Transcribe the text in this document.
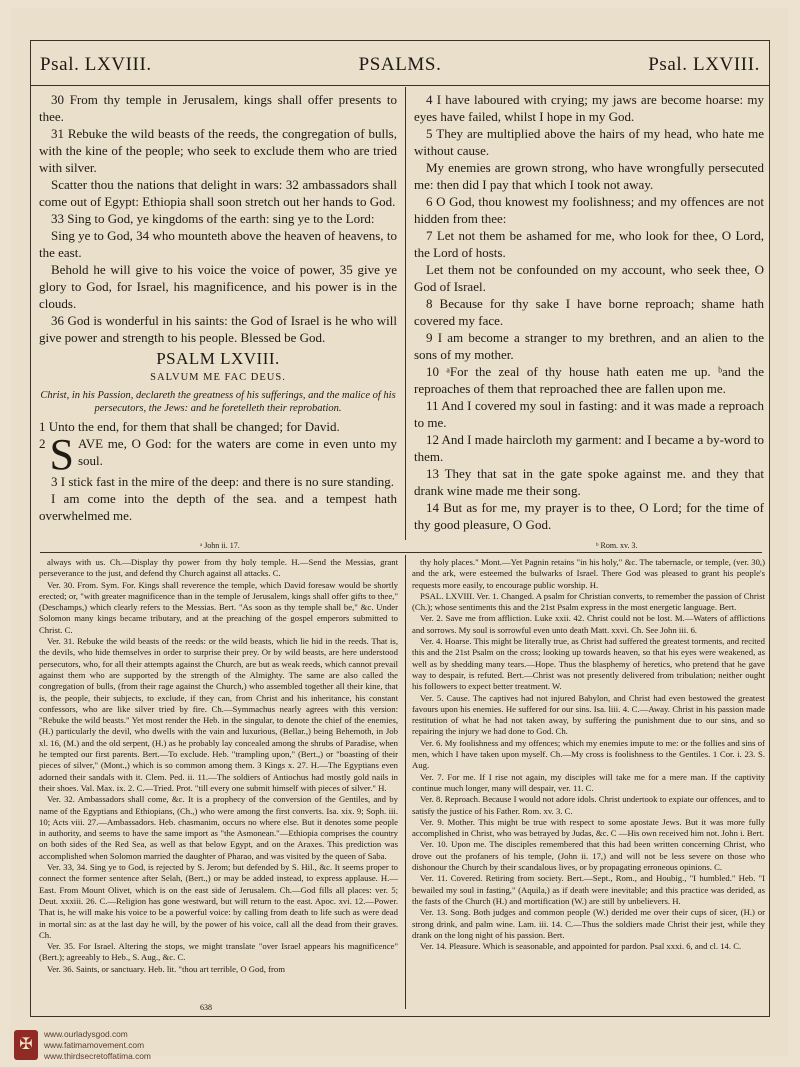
Psal. LXVIII.	PSALMS.	Psal. LXVIII.

30 From thy temple in Jerusalem, kings shall offer presents to thee.

31 Rebuke the wild beasts of the reeds, the congregation of bulls, with the kine of the people; who seek to exclude them who are tried with silver.

Scatter thou the nations that delight in wars: 32 ambassadors shall come out of Egypt: Ethiopia shall soon stretch out her hands to God.

33 Sing to God, ye kingdoms of the earth: sing ye to the Lord:

Sing ye to God, 34 who mounteth above the heaven of heavens, to the east.

Behold he will give to his voice the voice of power, 35 give ye glory to God, for Israel, his magnificence, and his power is in the clouds.

36 God is wonderful in his saints: the God of Israel is he who will give power and strength to his people. Blessed be God.

PSALM LXVIII.
SALVUM ME FAC DEUS.
Christ, in his Passion, declareth the greatness of his sufferings, and the malice of his persecutors, the Jews: and he foretelleth their reprobation.

1 Unto the end, for them that shall be changed; for David.

2 S AVE me, O God: for the waters are come in even unto my soul.

3 I stick fast in the mire of the deep: and there is no sure standing.

I am come into the depth of the sea. and a tempest hath overwhelmed me.

4 I have laboured with crying; my jaws are become hoarse: my eyes have failed, whilst I hope in my God.

5 They are multiplied above the hairs of my head, who hate me without cause.

My enemies are grown strong, who have wrongfully persecuted me: then did I pay that which I took not away.

6 O God, thou knowest my foolishness; and my offences are not hidden from thee:

7 Let not them be ashamed for me, who look for thee, O Lord, the Lord of hosts.

Let them not be confounded on my account, who seek thee, O God of Israel.

8 Because for thy sake I have borne reproach; shame hath covered my face.

9 I am become a stranger to my brethren, and an alien to the sons of my mother.

10 ᵃFor the zeal of thy house hath eaten me up. ᵇand the reproaches of them that reproached thee are fallen upon me.

11 And I covered my soul in fasting: and it was made a reproach to me.

12 And I made haircloth my garment: and I became a by-word to them.

13 They that sat in the gate spoke against me. and they that drank wine made me their song.

14 But as for me, my prayer is to thee, O Lord; for the time of thy good pleasure, O God.

ᵃ John ii. 17.	ᵇ Rom. xv. 3.

always with us. Ch.—Display thy power from thy holy temple. H.—Send the Messias, grant perseverance to the just, and defend thy Church against all attacks. C.

Ver. 30. From. Sym. For. Kings shall reverence the temple, which David foresaw would be shortly erected; or, "with greater magnificence than in the temple of Jerusalem, kings shall offer gifts to thee," (Deschamps,) which clearly refers to the Messias. Bert. "As soon as thy temple shall be," &c. Under Solomon many kings became tributary, and at the preaching of the gospel emperors submitted to Christ. C.

Ver. 31. Rebuke the wild beasts of the reeds: or the wild beasts, which lie hid in the reeds. That is, the devils, who hide themselves in order to surprise their prey. Or by wild beasts, are here understood persecutors, who, for all their attempts against the Church, are but as weak reeds, which cannot prevail against them who are supported by the strength of the Almighty. The same are also called the congregation of bulls, (from their rage against the Church,) who assembled together all their kine, that is, the people, their subjects, to exclude, if they can, from Christ and his inheritance, his constant confessors, who are like silver tried by fire. Ch.—Symmachus nearly agrees with this version: "Rebuke the wild beasts." Yet most render the Heb. in the singular, to denote the chief of the enemies, (H.) particularly the devil, who dwells with the vain and luxurious, (Bellar.,) being Behemoth, in Job xl. 16, (M.) and the old serpent, (H.) as he probably lay concealed among the shrubs of Paradise, when he tempted our first parents. Bert.—To exclude. Heb. "trampling upon," (Bert.,) or "boasting of their pieces of silver," (Mont.,) which is so common among them. 3 Kings x. 27. H.—The Egyptians even adorned their sandals with it. Clem. Ped. ii. 11.—The soldiers of Antiochus had mostly gold nails in their shoes. Val. Max. ix. 2. C.—Tried. Prot. "till every one submit himself with pieces of silver." H.

Ver. 32. Ambassadors shall come, &c. It is a prophecy of the conversion of the Gentiles, and by name of the Egyptians and Ethiopians, (Ch.,) who were among the first converts. Isa. xix. 9; Soph. iii. 10; Acts viii. 27.—Ambassadors. Heb. chasmanim, occurs no where else. But it denotes some people in authority, and seems to have the same import as "the Asmonean."—Ethiopia comprises the country on both sides of the Red Sea, as well as that below Egypt, and on the Araxes. This prediction was accomplished when Solomon married the daughter of Pharao, and was visited by the queen of Saba.

Ver. 33, 34. Sing ye to God, is rejected by S. Jerom; but defended by S. Hil., &c. It seems proper to connect the former sentence after Selah, (Bert.,) or may be added instead, to express applause. H.—East. From Mount Olivet, which is on the east side of Jerusalem. Ch.—God fills all places: ver. 5; Deut. xxxiii. 26. C.—Religion has gone westward, but will return to the east. Apoc. xvi. 12.—Power. That is, he will make his voice to be a powerful voice: by calling from death to life such as were dead in mortal sin: as at the last day he will, by the power of his voice, call all the dead from their graves. Ch.

Ver. 35. For Israel. Altering the stops, we might translate "over Israel appears his magnificence" (Bert.); agreeably to Heb., S. Aug., &c. C.

Ver. 36. Saints, or sanctuary. Heb. lit. "thou art terrible, O God, from

thy holy places." Mont.—Yet Pagnin retains "in his holy," &c. The tabernacle, or temple, (ver. 30,) and the ark, were esteemed the bulwarks of Israel. There God was pleased to grant his people's requests more easily, to encourage public worship. H.

PSAL. LXVIII. Ver. 1. Changed. A psalm for Christian converts, to remember the passion of Christ (Ch.); whose sentiments this and the 21st Psalm express in the most energetic language. Bert.

Ver. 2. Save me from affliction. Luke xxii. 42. Christ could not be lost. M.—Waters of afflictions and sorrows. My soul is sorrowful even unto death Matt. xxvi. Ch. See John iii. 6.

Ver. 4. Hoarse. This might be literally true, as Christ had suffered the greatest torments, and recited this and the 21st Psalm on the cross; looking up towards heaven, so that his eyes were weakened, as well as by shedding many tears.—Hope. Thus the blasphemy of heretics, who pretend that he gave way to despair, is refuted. Bert.—Christ was not presently delivered from tribulation; neither ought his followers to expect better treatment. W.

Ver. 5. Cause. The captives had not injured Babylon, and Christ had even bestowed the greatest favours upon his enemies. He suffered for our sins. Isa. liii. 4. C.—Away. Christ in his passion made restitution of what he had not taken away, by suffering the punishment due to our sins, and so repairing the injury we had done to God. Ch.

Ver. 6. My foolishness and my offences; which my enemies impute to me: or the follies and sins of men, which I have taken upon myself. Ch.—My cross is foolishness to the Gentiles. 1 Cor. i. 23. S. Aug.

Ver. 7. For me. If I rise not again, my disciples will take me for a mere man. If the captivity continue much longer, many will despair, ver. 11. C.

Ver. 8. Reproach. Because I would not adore idols. Christ undertook to expiate our offences, and to satisfy the justice of his Father. Rom. xv. 3. C.

Ver. 9. Mother. This might be true with respect to some apostate Jews. But it was more fully accomplished in Christ, who was betrayed by Judas, &c. C —His own received him not. John i. Bert.

Ver. 10. Upon me. The disciples remembered that this had been written concerning Christ, who drove out the profaners of his temple, (John ii. 17,) and will not be less severe on those who dishonour the Church by their scandalous lives, or by propagating erroneous opinions. C.

Ver. 11. Covered. Retiring from society. Bert.—Sept., Rom., and Houbig., "I humbled." Heb. "I bewailed my soul in fasting," (Aquila,) as if death were inevitable; and this practice was derided, as the fasts of the Church (H.) and mortification (W.) are still by unbelievers. H.

Ver. 13. Song. Both judges and common people (W.) derided me over their cups of sicer, (H.) or strong drink, and palm wine. Lam. iii. 14. C.—Thus the soldiers made Christ their jest, while they drank on the long night of his passion. Bert.

Ver. 14. Pleasure. Which is seasonable, and appointed for pardon. Psal xxxi. 6, and cl. 14. C.

638
✠
www.ourladysgod.com
www.fatimamovement.com
www.thirdsecretoffatima.com
